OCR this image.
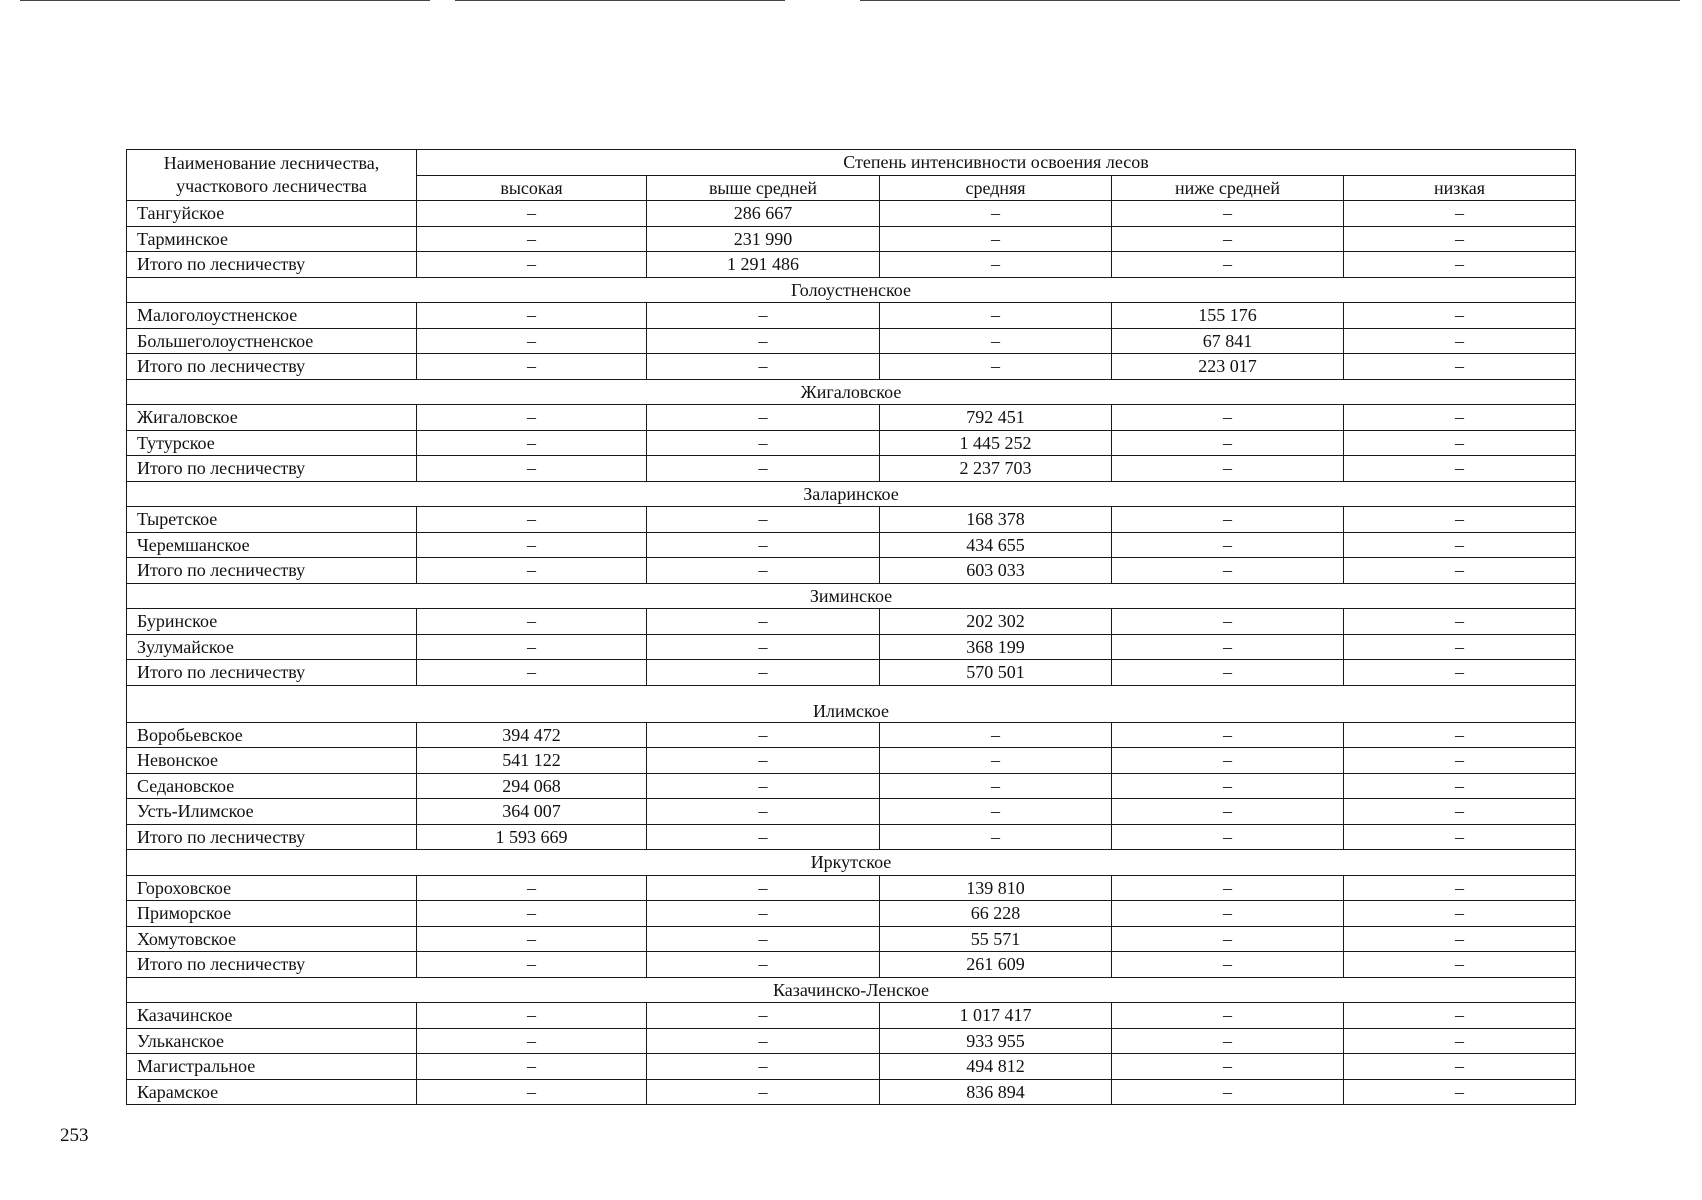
Наименование лесничества, участкового лесничества	Степень интенсивности освоения лесов				
	высокая	выше средней	средняя	ниже средней	низкая
Тангуйское	–	286 667	–	–	–
Тарминское	–	231 990	–	–	–
Итого по лесничеству	–	1 291 486	–	–	–
Голоустненское					
Малоголоустненское	–	–	–	155 176	–
Большеголоустненское	–	–	–	67 841	–
Итого по лесничеству	–	–	–	223 017	–
Жигаловское					
Жигаловское	–	–	792 451	–	–
Тутурское	–	–	1 445 252	–	–
Итого по лесничеству	–	–	2 237 703	–	–
Заларинское					
Тыретское	–	–	168 378	–	–
Черемшанское	–	–	434 655	–	–
Итого по лесничеству	–	–	603 033	–	–
Зиминское					
Буринское	–	–	202 302	–	–
Зулумайское	–	–	368 199	–	–
Итого по лесничеству	–	–	570 501	–	–
Илимское					
Воробьевское	394 472	–	–	–	–
Невонское	541 122	–	–	–	–
Седановское	294 068	–	–	–	–
Усть-Илимское	364 007	–	–	–	–
Итого по лесничеству	1 593 669	–	–	–	–
Иркутское					
Гороховское	–	–	139 810	–	–
Приморское	–	–	66 228	–	–
Хомутовское	–	–	55 571	–	–
Итого по лесничеству	–	–	261 609	–	–
Казачинско-Ленское					
Казачинское	–	–	1 017 417	–	–
Ульканское	–	–	933 955	–	–
Магистральное	–	–	494 812	–	–
Карамское	–	–	836 894	–	–
253
